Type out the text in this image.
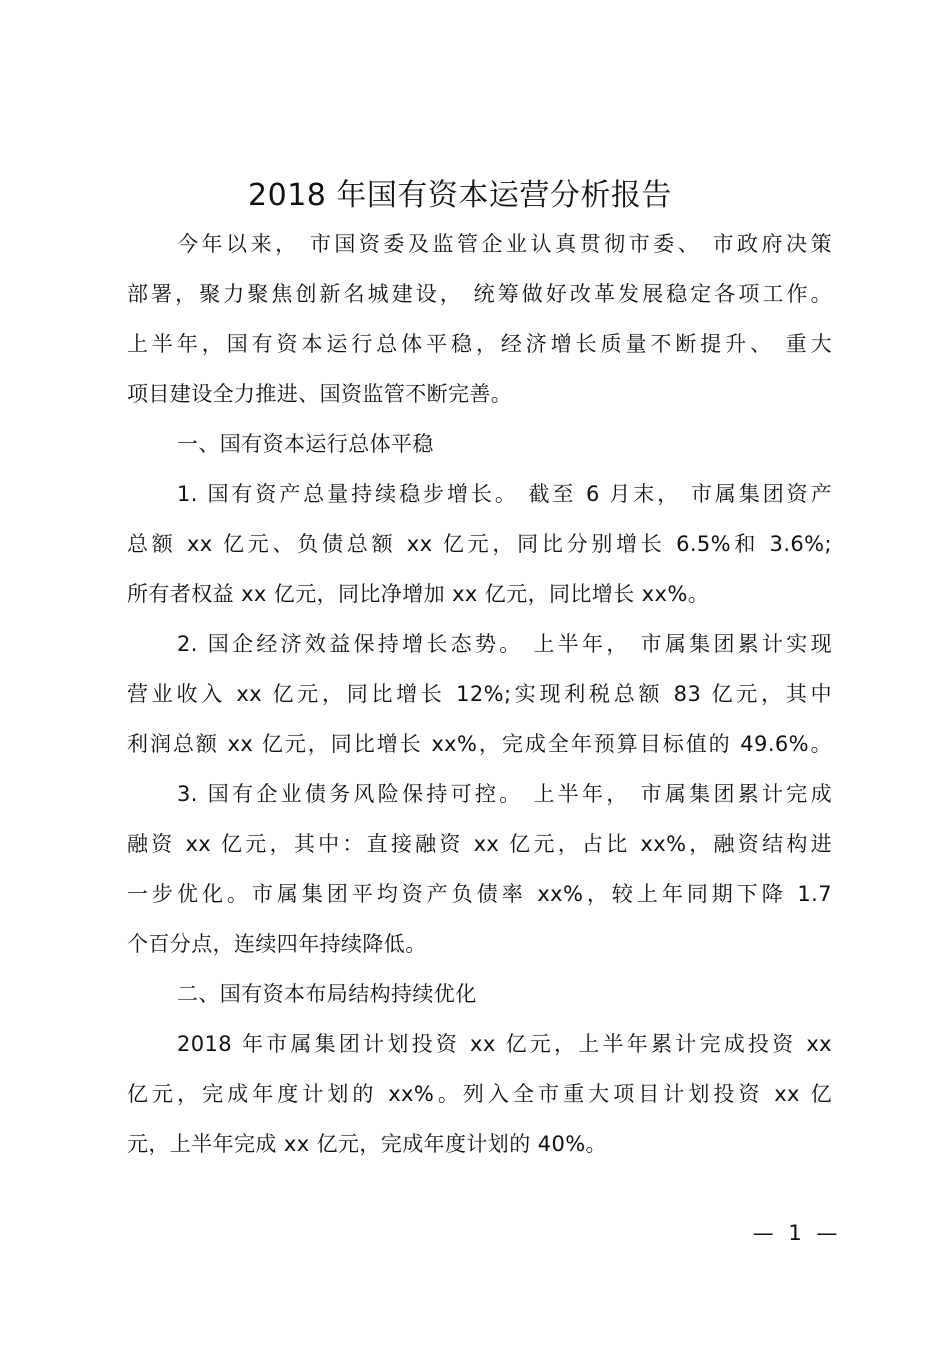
2018 年国有资本运营分析报告
今年以来， 市国资委及监管企业认真贯彻市委、 市政府决策
部署，聚力聚焦创新名城建设， 统筹做好改革发展稳定各项工作。
上半年，国有资本运行总体平稳，经济增长质量不断提升、 重大
项目建设全力推进、国资监管不断完善。
一、国有资本运行总体平稳
1. 国有资产总量持续稳步增长。 截至 6 月末， 市属集团资产
总额 xx 亿元、负债总额 xx 亿元，同比分别增长 6.5%和 3.6%;
所有者权益 xx 亿元，同比净增加 xx 亿元，同比增长 xx%。
2. 国企经济效益保持增长态势。 上半年， 市属集团累计实现
营业收入 xx 亿元，同比增长 12%;实现利税总额 83 亿元，其中
利润总额 xx 亿元，同比增长 xx%，完成全年预算目标值的 49.6%。
3. 国有企业债务风险保持可控。 上半年， 市属集团累计完成
融资 xx 亿元，其中：直接融资 xx 亿元，占比 xx%，融资结构进
一步优化。市属集团平均资产负债率 xx%，较上年同期下降 1.7
个百分点，连续四年持续降低。
二、国有资本布局结构持续优化
2018 年市属集团计划投资 xx 亿元，上半年累计完成投资 xx
亿元，完成年度计划的 xx%。列入全市重大项目计划投资 xx 亿
元，上半年完成 xx 亿元，完成年度计划的 40%。
— 1 —
